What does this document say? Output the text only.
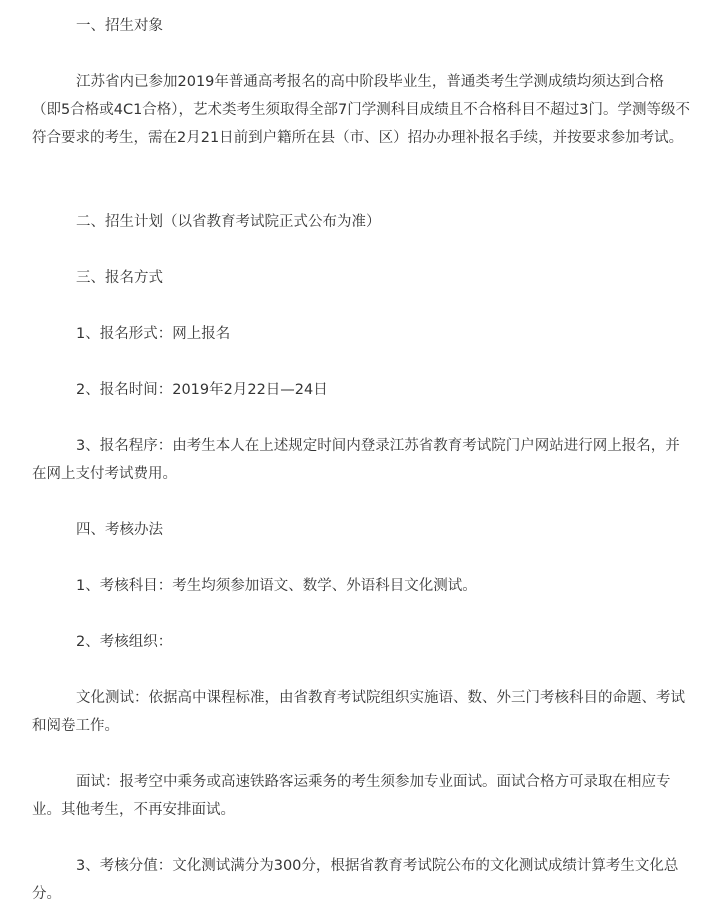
一、招生对象

江苏省内已参加2019年普通高考报名的高中阶段毕业生，普通类考生学测成绩均须达到合格（即5合格或4C1合格），艺术类考生须取得全部7门学测科目成绩且不合格科目不超过3门。学测等级不符合要求的考生，需在2月21日前到户籍所在县（市、区）招办办理补报名手续，并按要求参加考试。

二、招生计划（以省教育考试院正式公布为准）

三、报名方式

1、报名形式：网上报名

2、报名时间：2019年2月22日—24日

3、报名程序：由考生本人在上述规定时间内登录江苏省教育考试院门户网站进行网上报名，并在网上支付考试费用。

四、考核办法

1、考核科目：考生均须参加语文、数学、外语科目文化测试。

2、考核组织：

文化测试：依据高中课程标准，由省教育考试院组织实施语、数、外三门考核科目的命题、考试和阅卷工作。

面试：报考空中乘务或高速铁路客运乘务的考生须参加专业面试。面试合格方可录取在相应专业。其他考生，不再安排面试。

3、考核分值：文化测试满分为300分，根据省教育考试院公布的文化测试成绩计算考生文化总分。
